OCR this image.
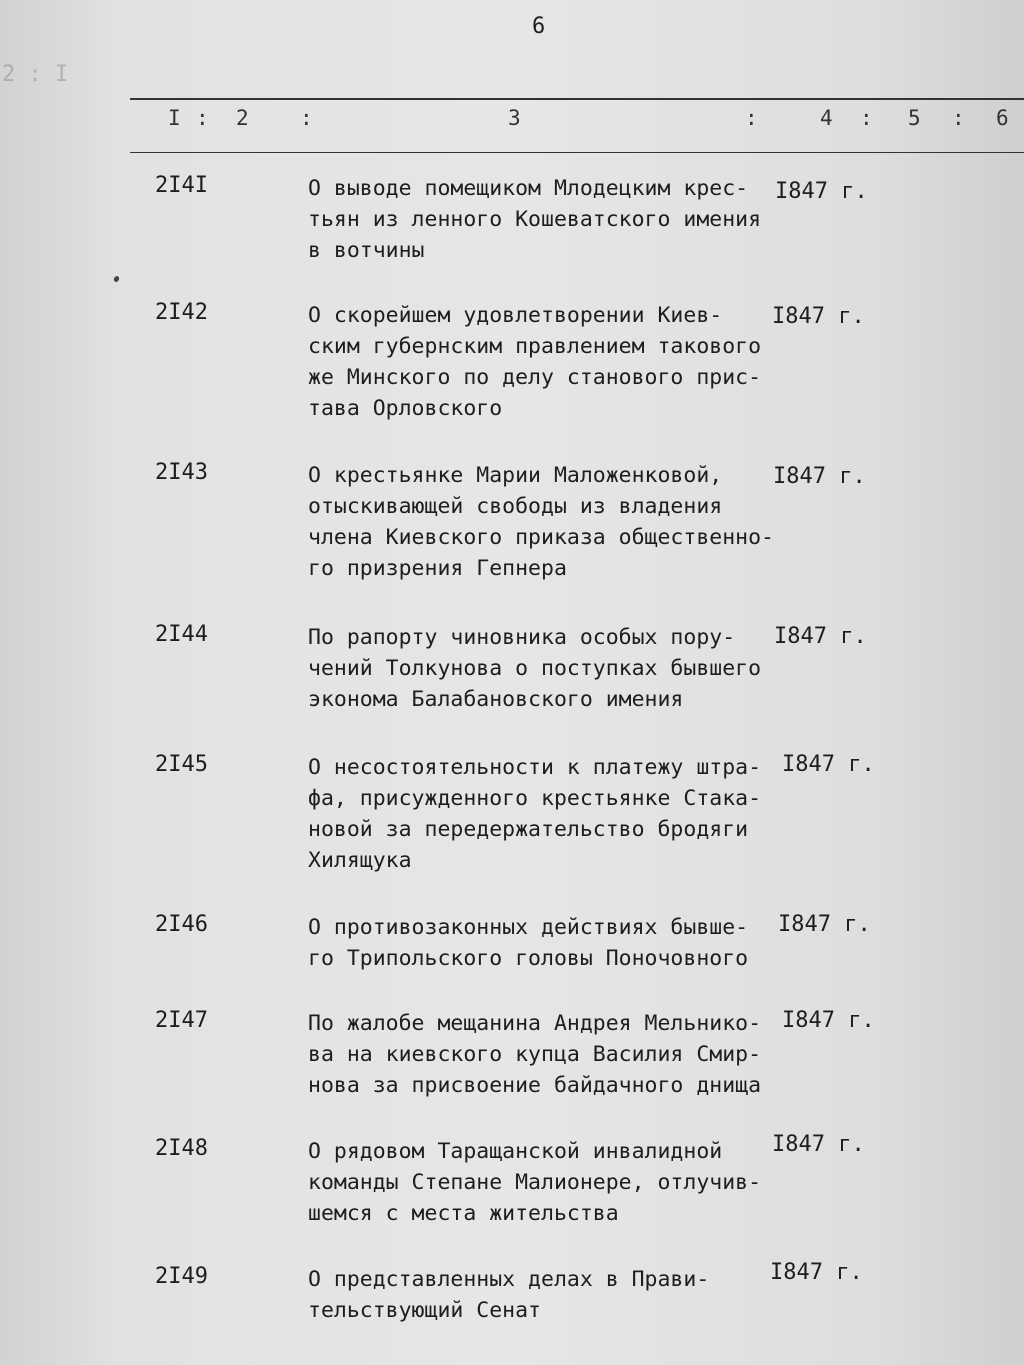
2 : I
6
I : 2 :	3	:	4 : 5 : 6
2I4I	О выводе помещиком Млодецким крес-
тьян из ленного Кошеватского имения
в вотчины
I847 г.
2I42	О скорейшем удовлетворении Киев-
ским губернским правлением такового
же Минского по делу станового прис-
тава Орловского
I847 г.
2I43	О крестьянке Марии Маложенковой,
отыскивающей свободы из владения
члена Киевского приказа общественно-
го призрения Гепнера
I847 г.
2I44	По рапорту чиновника особых пору-
чений Толкунова о поступках бывшего
эконома Балабановского имения
I847 г.
2I45	О несостоятельности к платежу штра-
фа, присужденного крестьянке Стака-
новой за передержательство бродяги
Хилящука
I847 г.
2I46	О противозаконных действиях бывше-
го Трипольского головы Поночовного
I847 г.
2I47	По жалобе мещанина Андрея Мельнико-
ва на киевского купца Василия Смир-
нова за присвоение байдачного днища
I847 г.
2I48	О рядовом Таращанской инвалидной
команды Степане Малионере, отлучив-
шемся с места жительства
I847 г.
2I49	О представленных делах в Прави-
тельствующий Сенат
I847 г.
